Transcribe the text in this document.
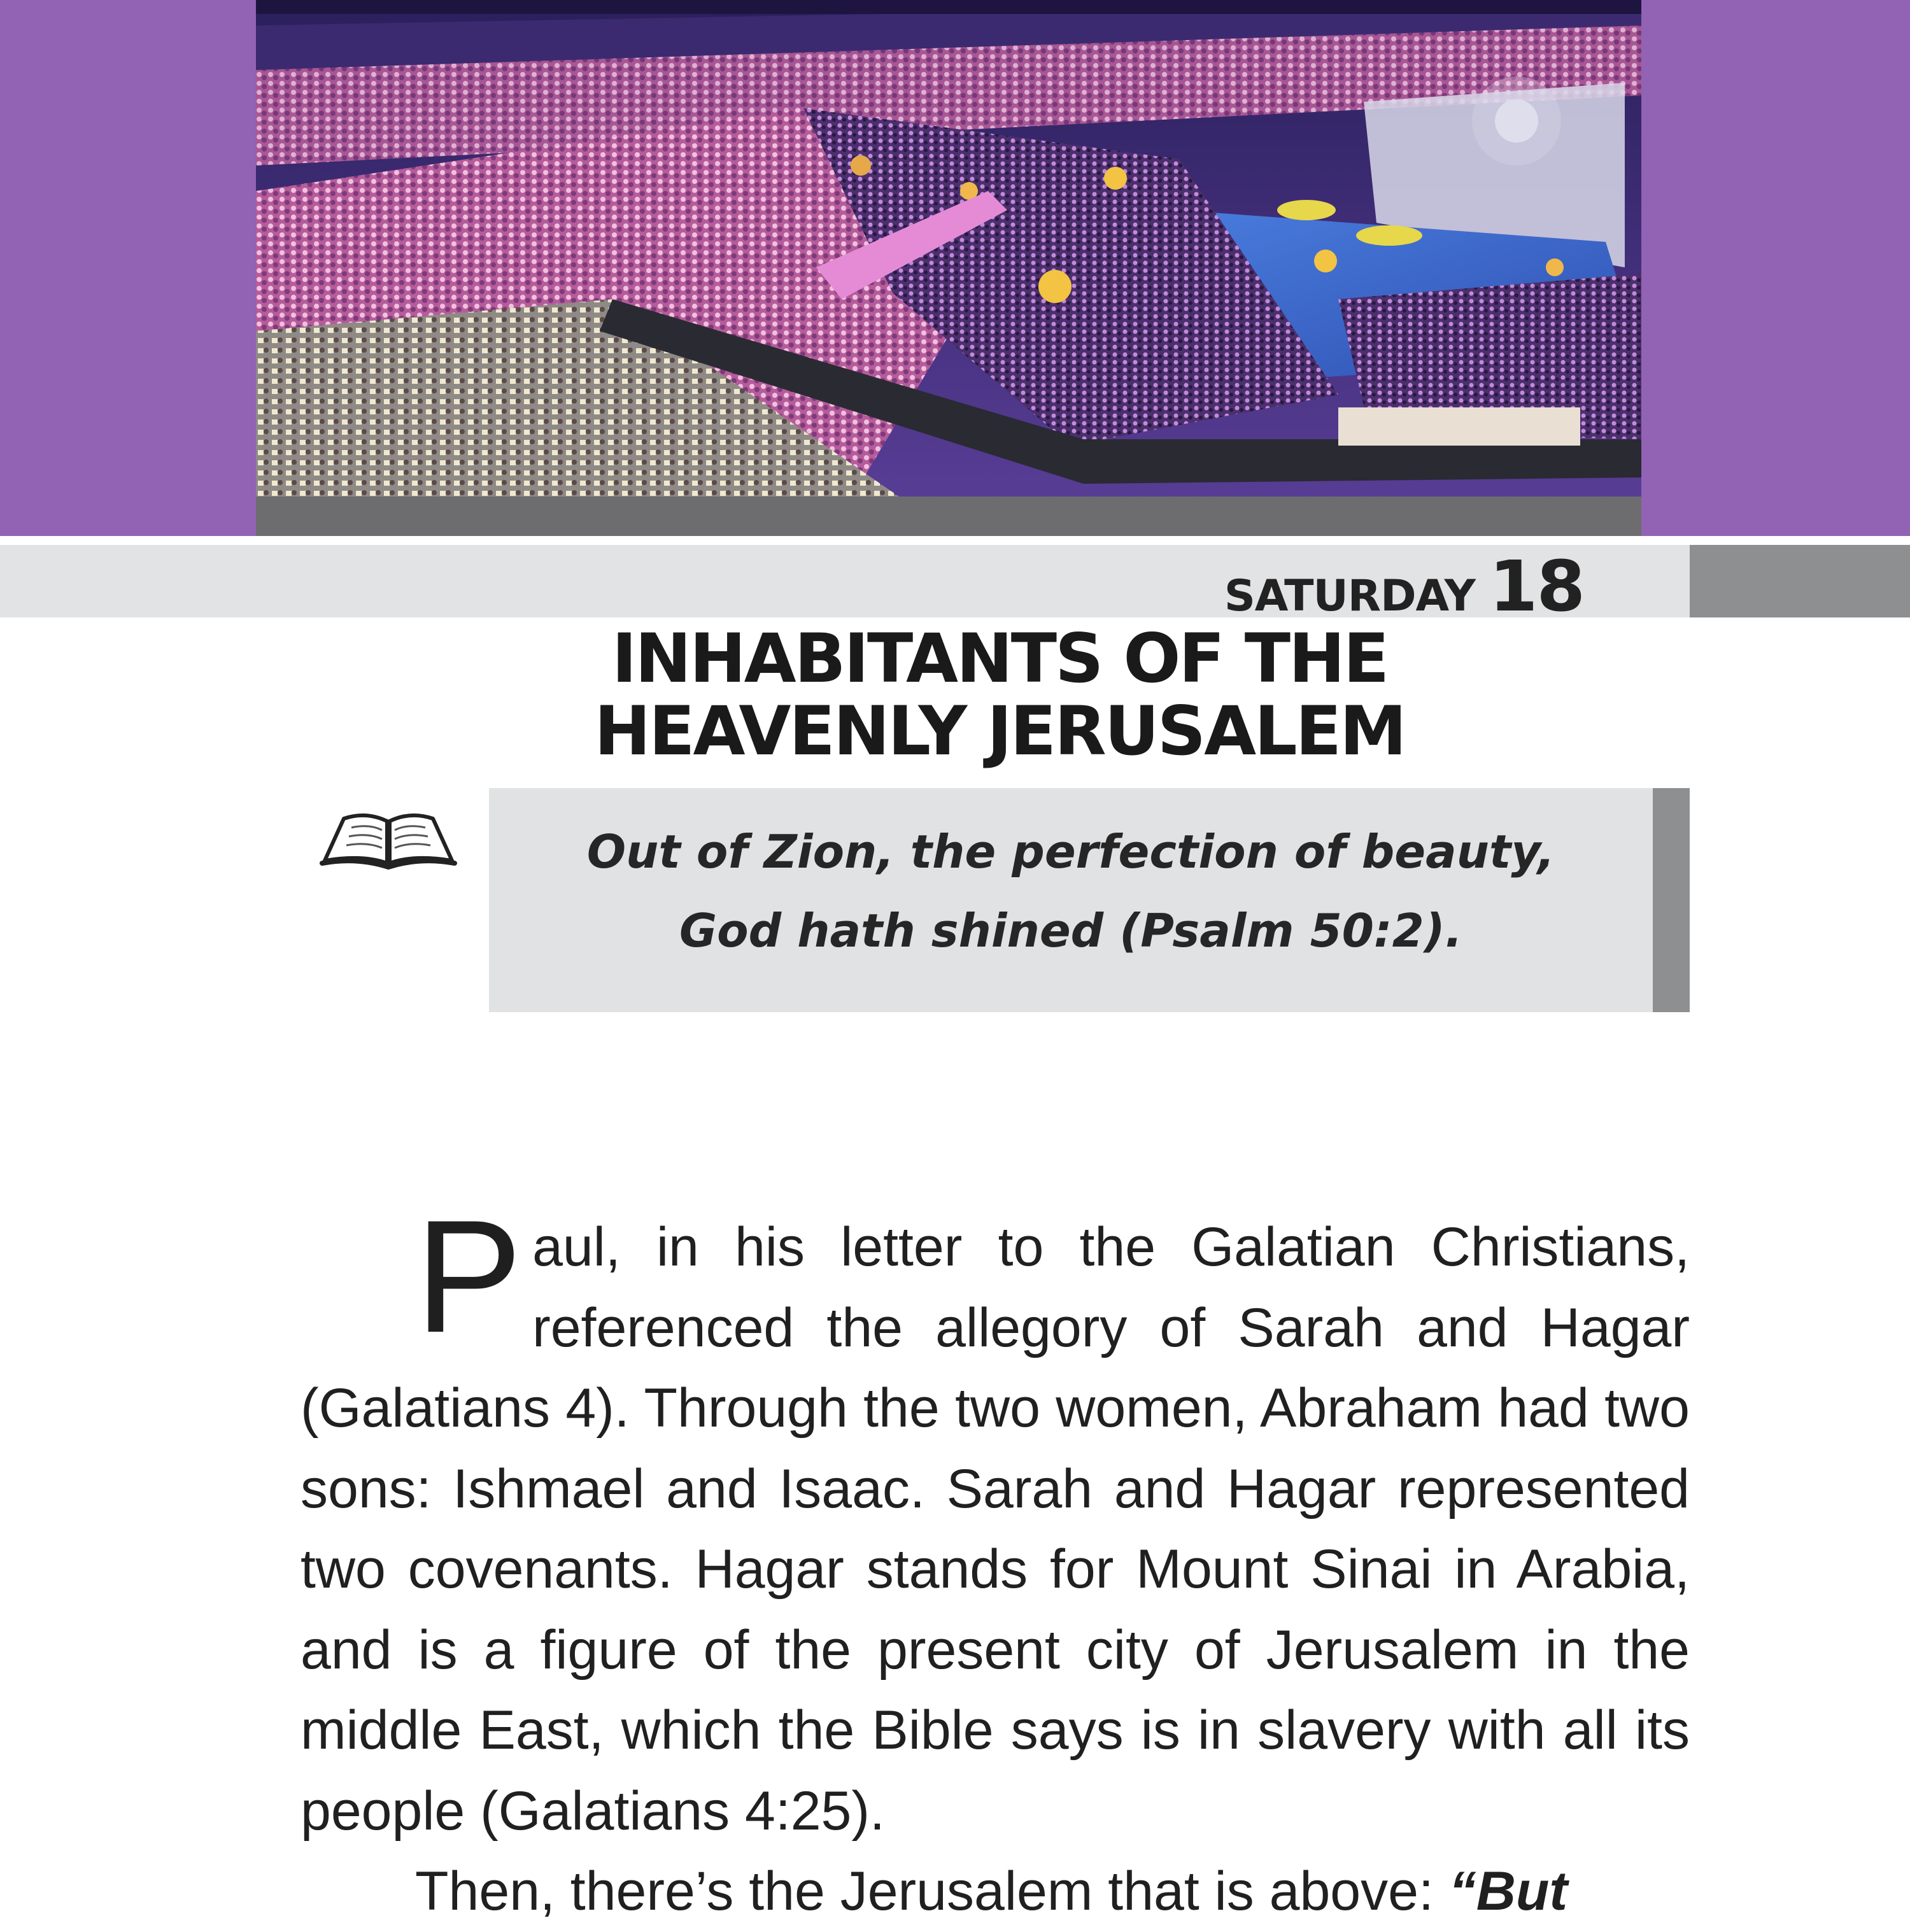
SATURDAY 18
INHABITANTS OF THE
HEAVENLY JERUSALEM
Out of Zion, the perfection of beauty,
God hath shined (Psalm 50:2).

Paul, in his letter to the Galatian Christians, referenced the allegory of Sarah and Hagar (Galatians 4). Through the two women, Abraham had two sons: Ishmael and Isaac. Sarah and Hagar represented two covenants. Hagar stands for Mount Sinai in Arabia, and is a figure of the present city of Jerusalem in the middle East, which the Bible says is in slavery with all its people (Galatians 4:25).

Then, there’s the Jerusalem that is above: “But
